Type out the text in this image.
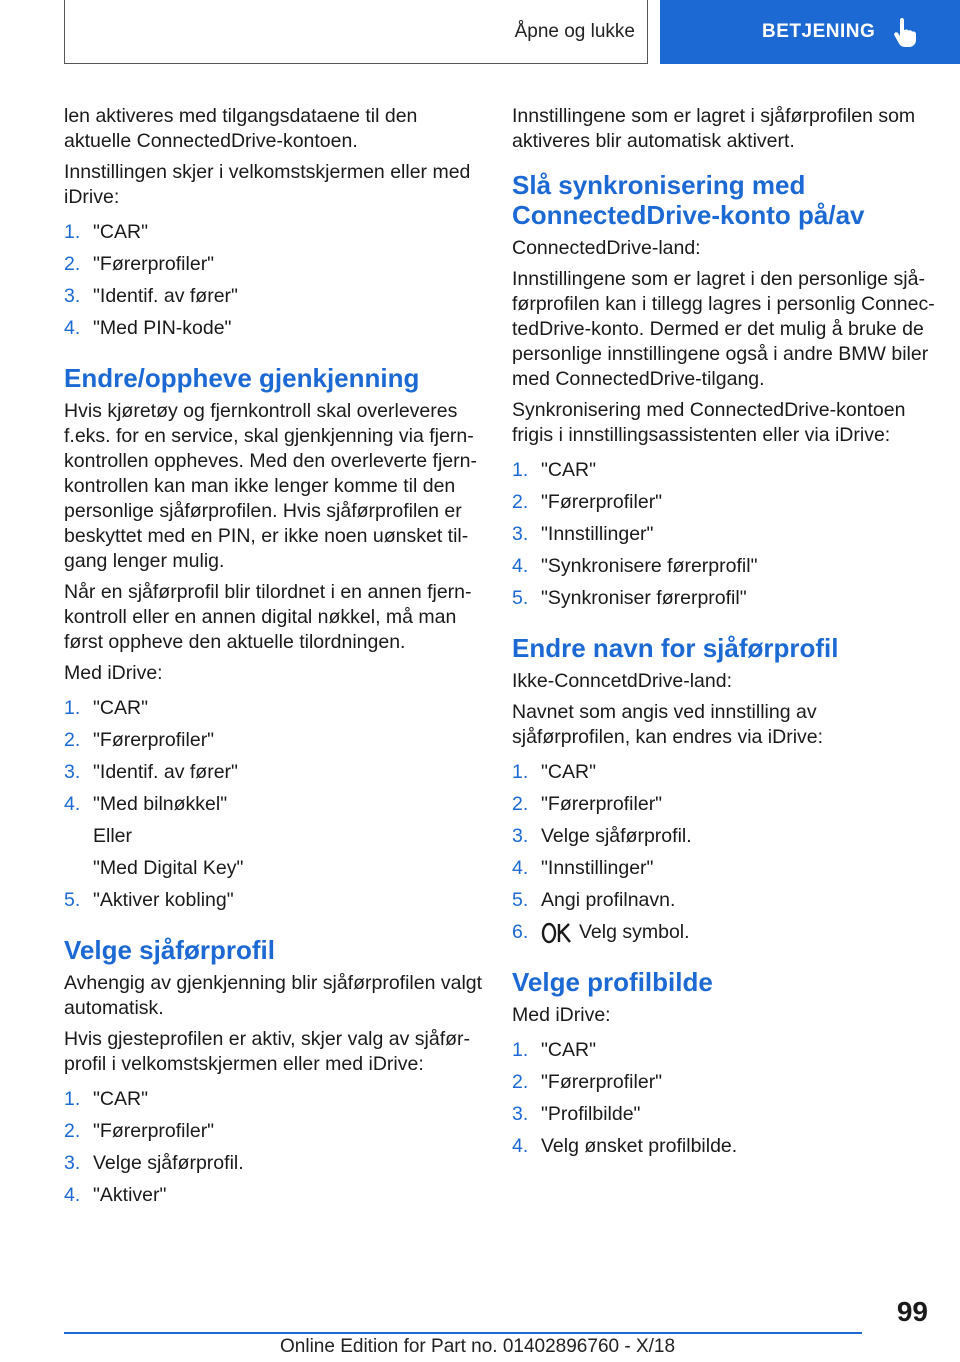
Åpne og lukke	BETJENING

len aktiveres med tilgangsdataene til den aktuelle ConnectedDrive-kontoen.

Innstillingen skjer i velkomstskjermen eller med iDrive:

1. "CAR"
2. "Førerprofiler"
3. "Identif. av fører"
4. "Med PIN-kode"
Endre/oppheve gjenkjenning

Hvis kjøretøy og fjernkontroll skal overleveres f.eks. for en service, skal gjenkjenning via fjern-kontrollen oppheves. Med den overleverte fjern-kontrollen kan man ikke lenger komme til den personlige sjåførprofilen. Hvis sjåførprofilen er beskyttet med en PIN, er ikke noen uønsket til-gang lenger mulig.

Når en sjåførprofil blir tilordnet i en annen fjern-kontroll eller en annen digital nøkkel, må man først oppheve den aktuelle tilordningen.

Med iDrive:

1. "CAR"
2. "Førerprofiler"
3. "Identif. av fører"
4. "Med bilnøkkel"
Eller
"Med Digital Key"
5. "Aktiver kobling"
Velge sjåførprofil

Avhengig av gjenkjenning blir sjåførprofilen valgt automatisk.

Hvis gjesteprofilen er aktiv, skjer valg av sjåfør-profil i velkomstskjermen eller med iDrive:

1. "CAR"
2. "Førerprofiler"
3. Velge sjåførprofil.
4. "Aktiver"

Innstillingene som er lagret i sjåførprofilen som aktiveres blir automatisk aktivert.

Slå synkronisering med ConnectedDrive-konto på/av

ConnectedDrive-land:

Innstillingene som er lagret i den personlige sjå-førprofilen kan i tillegg lagres i personlig Connec-tedDrive-konto. Dermed er det mulig å bruke de personlige innstillingene også i andre BMW biler med ConnectedDrive-tilgang.

Synkronisering med ConnectedDrive-kontoen frigis i innstillingsassistenten eller via iDrive:

1. "CAR"
2. "Førerprofiler"
3. "Innstillinger"
4. "Synkronisere førerprofil"
5. "Synkroniser førerprofil"
Endre navn for sjåførprofil

Ikke-ConncetdDrive-land:

Navnet som angis ved innstilling av sjåførprofilen, kan endres via iDrive:

1. "CAR"
2. "Førerprofiler"
3. Velge sjåførprofil.
4. "Innstillinger"
5. Angi profilnavn.
6.	Velg symbol.
Velge profilbilde

Med iDrive:

1. "CAR"
2. "Førerprofiler"
3. "Profilbilde"
4. Velg ønsket profilbilde.
99
Online Edition for Part no. 01402896760 - X/18
